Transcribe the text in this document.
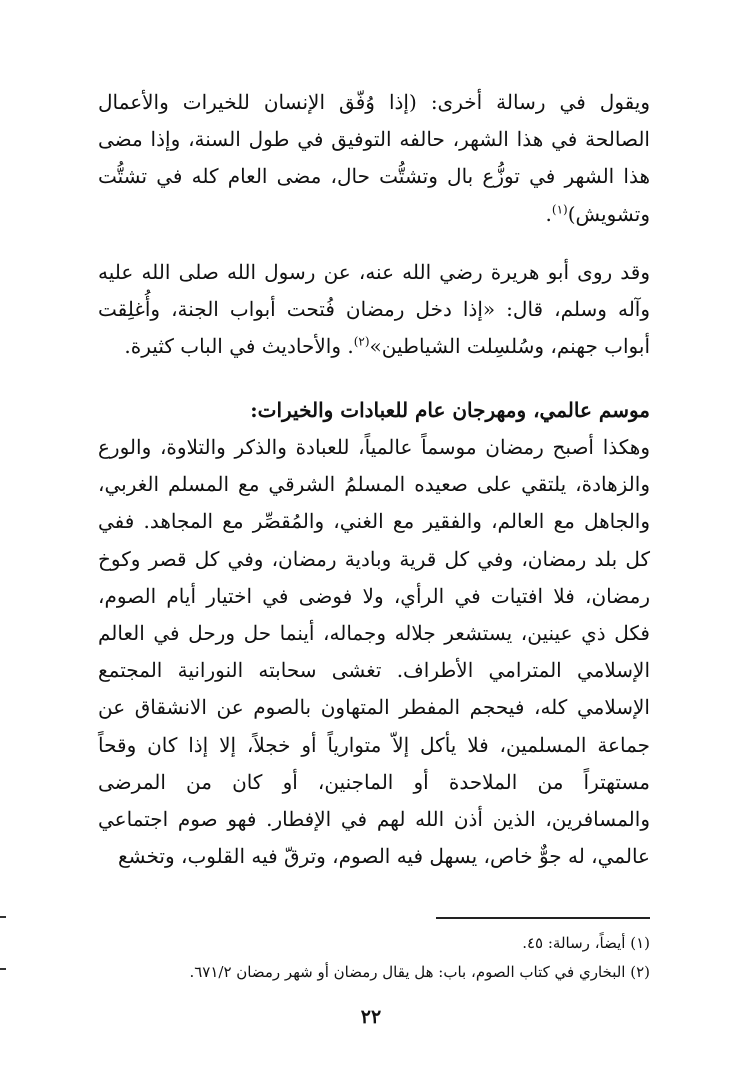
ويقول في رسالة أخرى: (إذا وُفّق الإنسان للخيرات والأعمال الصالحة في هذا الشهر، حالفه التوفيق في طول السنة، وإذا مضى هذا الشهر في توزُّع بال وتشتُّت حال، مضى العام كله في تشتُّت وتشويش)$^{(١)}$.

وقد روى أبو هريرة رضي الله عنه، عن رسول الله صلى الله عليه وآله وسلم، قال: «إذا دخل رمضان فُتحت أبواب الجنة، وأُغلِقت أبواب جهنم، وسُلسِلت الشياطين»$^{(٢)}$. والأحاديث في الباب كثيرة.

موسم عالمي، ومهرجان عام للعبادات والخيرات:

وهكذا أصبح رمضان موسماً عالمياً، للعبادة والذكر والتلاوة، والورع والزهادة، يلتقي على صعيده المسلمُ الشرقي مع المسلم الغربي، والجاهل مع العالم، والفقير مع الغني، والمُقصِّر مع المجاهد. ففي كل بلد رمضان، وفي كل قرية وبادية رمضان، وفي كل قصر وكوخ رمضان، فلا افتيات في الرأي، ولا فوضى في اختيار أيام الصوم، فكل ذي عينين، يستشعر جلاله وجماله، أينما حل ورحل في العالم الإسلامي المترامي الأطراف. تغشى سحابته النورانية المجتمع الإسلامي كله، فيحجم المفطر المتهاون بالصوم عن الانشقاق عن جماعة المسلمين، فلا يأكل إلاّ متوارياً أو خجلاً، إلا إذا كان وقحاً مستهتراً من الملاحدة أو الماجنين، أو كان من المرضى والمسافرين، الذين أذن الله لهم في الإفطار. فهو صوم اجتماعي عالمي، له جوٌّ خاص، يسهل فيه الصوم، وترقّ فيه القلوب، وتخشع

(١) أيضاً، رسالة: ٤٥.
(٢) البخاري في كتاب الصوم، باب: هل يقال رمضان أو شهر رمضان ٦٧١/٢.
٢٢
